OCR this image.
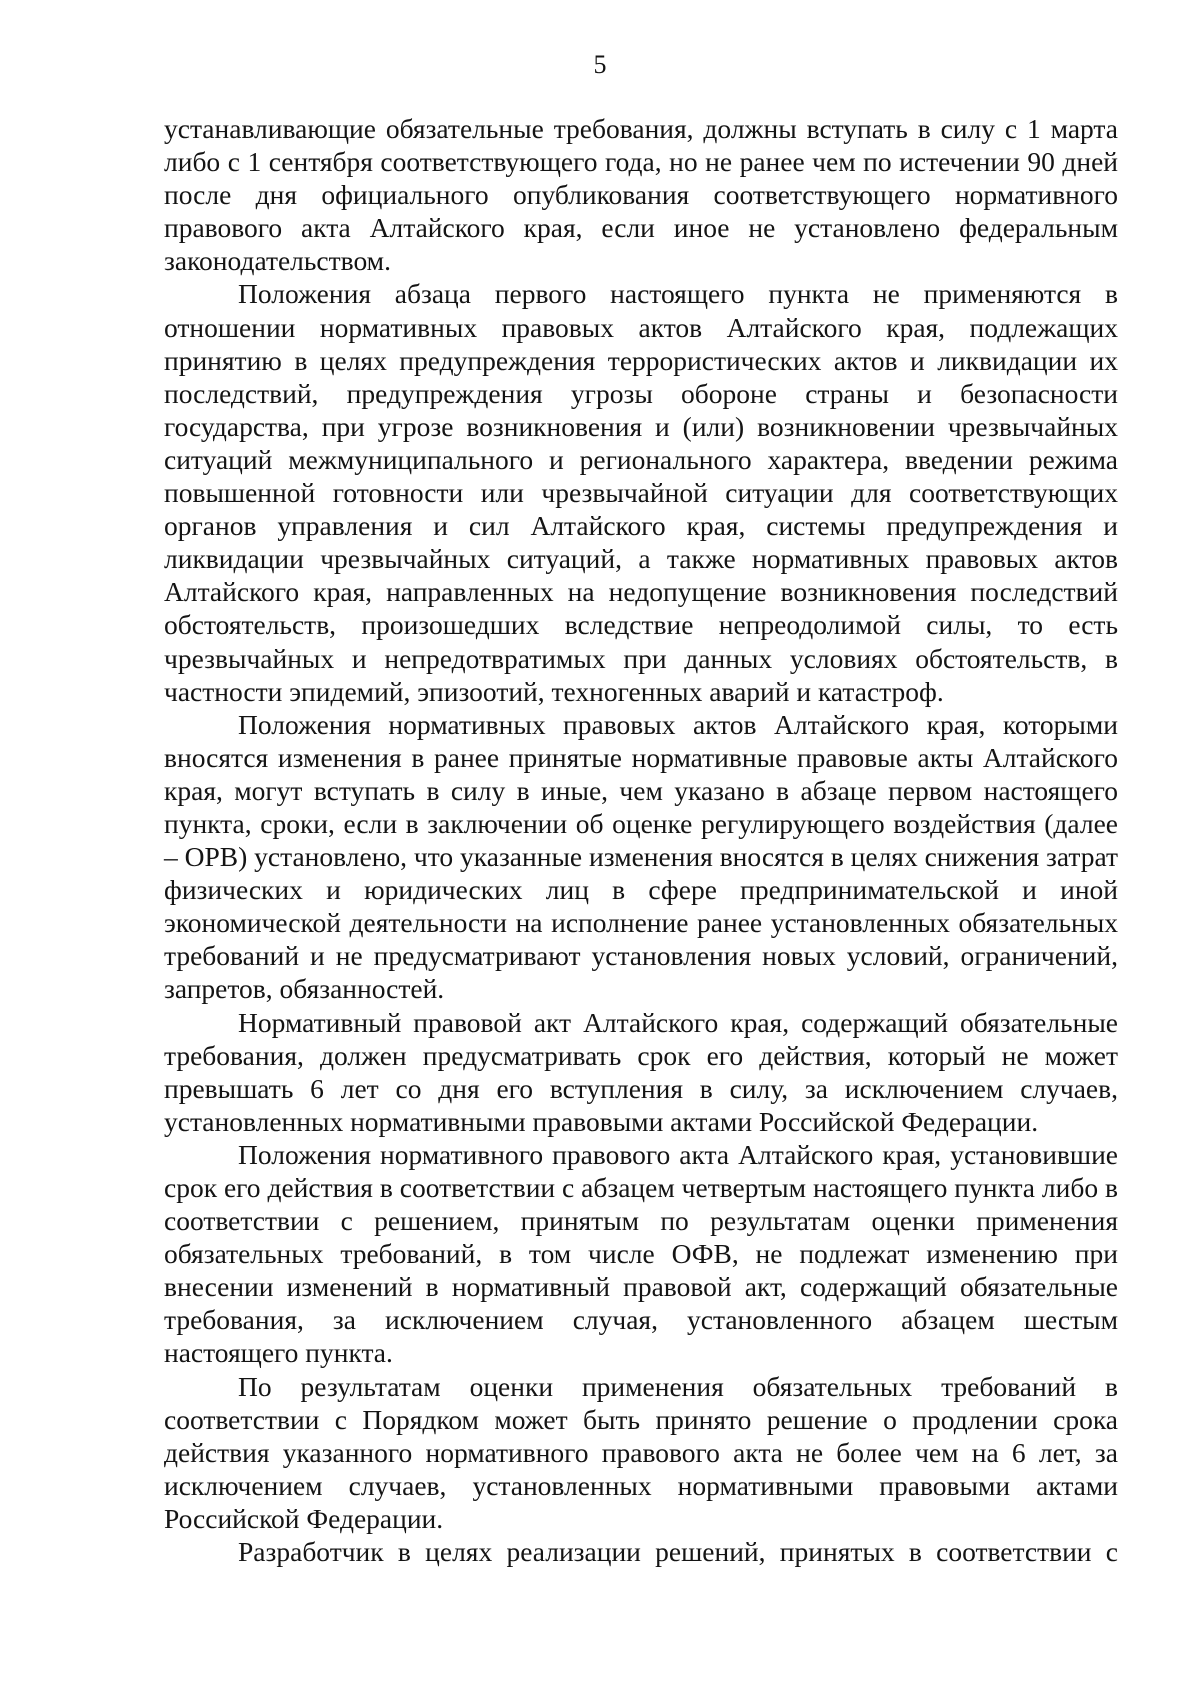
5

устанавливающие обязательные требования, должны вступать в силу с 1 марта либо с 1 сентября соответствующего года, но не ранее чем по истечении 90 дней после дня официального опубликования соответствующего нормативного правового акта Алтайского края, если иное не установлено федеральным законодательством.

Положения абзаца первого настоящего пункта не применяются в отношении нормативных правовых актов Алтайского края, подлежащих принятию в целях предупреждения террористических актов и ликвидации их последствий, предупреждения угрозы обороне страны и безопасности государства, при угрозе возникновения и (или) возникновении чрезвычайных ситуаций межмуниципального и регионального характера, введении режима повышенной готовности или чрезвычайной ситуации для соответствующих органов управления и сил Алтайского края, системы предупреждения и ликвидации чрезвычайных ситуаций, а также нормативных правовых актов Алтайского края, направленных на недопущение возникновения последствий обстоятельств, произошедших вследствие непреодолимой силы, то есть чрезвычайных и непредотвратимых при данных условиях обстоятельств, в частности эпидемий, эпизоотий, техногенных аварий и катастроф.

Положения нормативных правовых актов Алтайского края, которыми вносятся изменения в ранее принятые нормативные правовые акты Алтайского края, могут вступать в силу в иные, чем указано в абзаце первом настоящего пункта, сроки, если в заключении об оценке регулирующего воздействия (далее – ОРВ) установлено, что указанные изменения вносятся в целях снижения затрат физических и юридических лиц в сфере предпринимательской и иной экономической деятельности на исполнение ранее установленных обязательных требований и не предусматривают установления новых условий, ограничений, запретов, обязанностей.

Нормативный правовой акт Алтайского края, содержащий обязательные требования, должен предусматривать срок его действия, который не может превышать 6 лет со дня его вступления в силу, за исключением случаев, установленных нормативными правовыми актами Российской Федерации.

Положения нормативного правового акта Алтайского края, установившие срок его действия в соответствии с абзацем четвертым настоящего пункта либо в соответствии с решением, принятым по результатам оценки применения обязательных требований, в том числе ОФВ, не подлежат изменению при внесении изменений в нормативный правовой акт, содержащий обязательные требования, за исключением случая, установленного абзацем шестым настоящего пункта.

По результатам оценки применения обязательных требований в соответствии с Порядком может быть принято решение о продлении срока действия указанного нормативного правового акта не более чем на 6 лет, за исключением случаев, установленных нормативными правовыми актами Российской Федерации.

Разработчик в целях реализации решений, принятых в соответствии с
